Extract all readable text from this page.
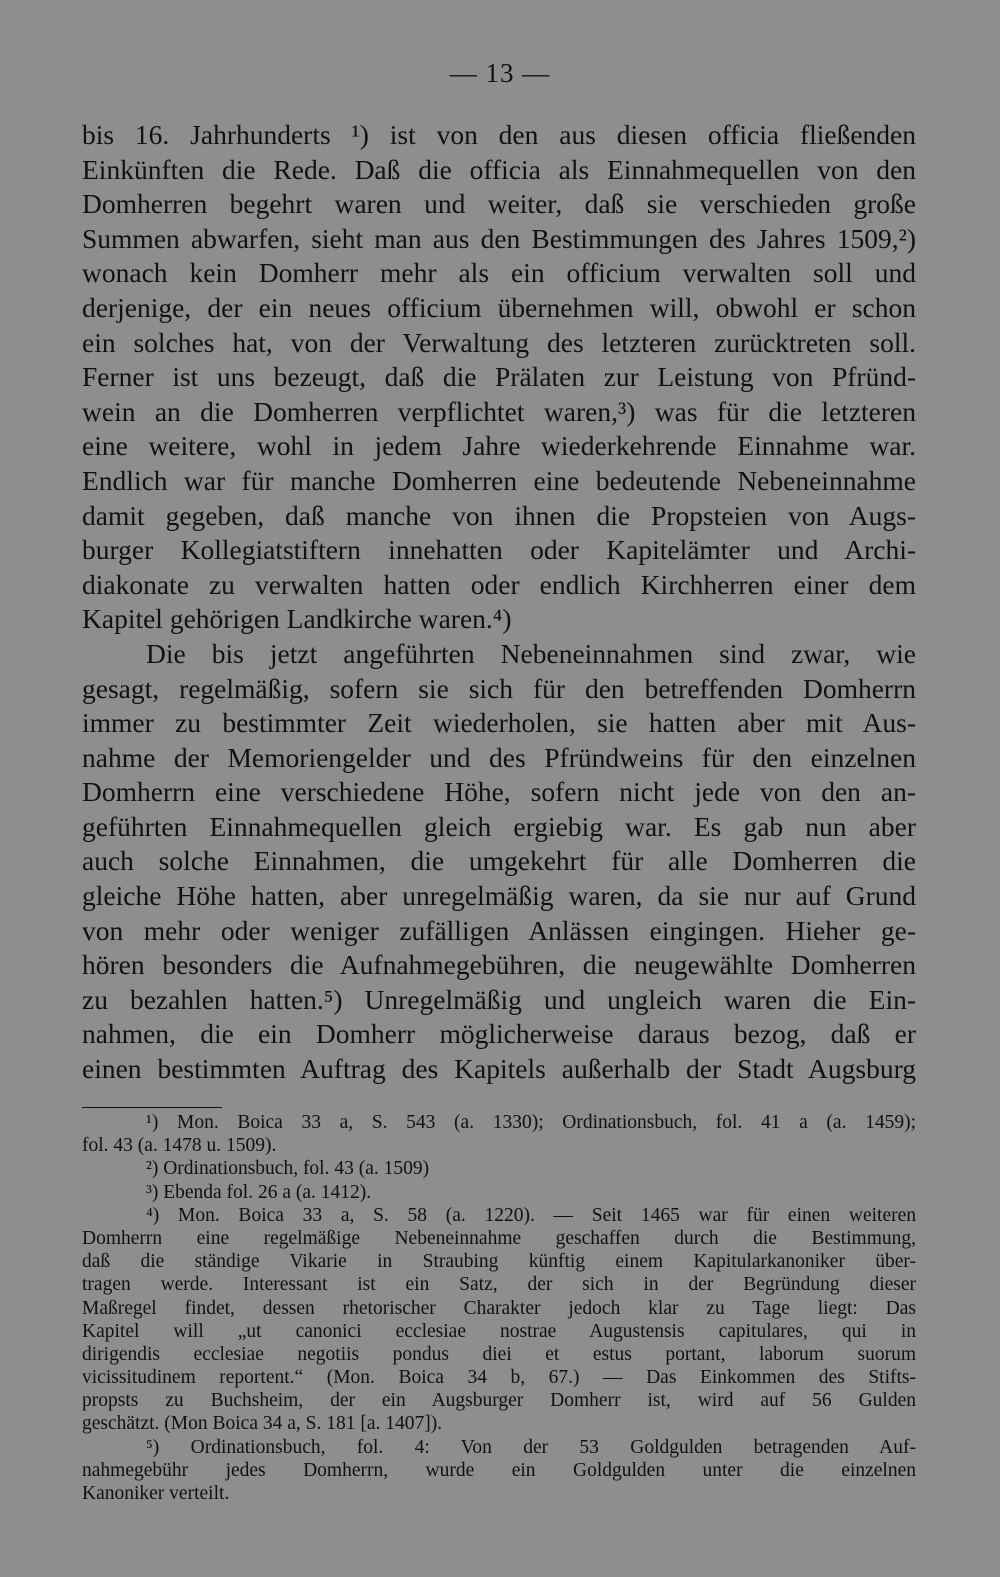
— 13 —
bis 16. Jahrhunderts ¹) ist von den aus diesen officia fließenden
Einkünften die Rede. Daß die officia als Einnahmequellen von den
Domherren begehrt waren und weiter, daß sie verschieden große
Summen abwarfen, sieht man aus den Bestimmungen des Jahres 1509,²)
wonach kein Domherr mehr als ein officium verwalten soll und
derjenige, der ein neues officium übernehmen will, obwohl er schon
ein solches hat, von der Verwaltung des letzteren zurücktreten soll.
Ferner ist uns bezeugt, daß die Prälaten zur Leistung von Pfründ-
wein an die Domherren verpflichtet waren,³) was für die letzteren
eine weitere, wohl in jedem Jahre wiederkehrende Einnahme war.
Endlich war für manche Domherren eine bedeutende Nebeneinnahme
damit gegeben, daß manche von ihnen die Propsteien von Augs-
burger Kollegiatstiftern innehatten oder Kapitelämter und Archi-
diakonate zu verwalten hatten oder endlich Kirchherren einer dem
Kapitel gehörigen Landkirche waren.⁴)
Die bis jetzt angeführten Nebeneinnahmen sind zwar, wie
gesagt, regelmäßig, sofern sie sich für den betreffenden Domherrn
immer zu bestimmter Zeit wiederholen, sie hatten aber mit Aus-
nahme der Memoriengelder und des Pfründweins für den einzelnen
Domherrn eine verschiedene Höhe, sofern nicht jede von den an-
geführten Einnahmequellen gleich ergiebig war. Es gab nun aber
auch solche Einnahmen, die umgekehrt für alle Domherren die
gleiche Höhe hatten, aber unregelmäßig waren, da sie nur auf Grund
von mehr oder weniger zufälligen Anlässen eingingen. Hieher ge-
hören besonders die Aufnahmegebühren, die neugewählte Domherren
zu bezahlen hatten.⁵) Unregelmäßig und ungleich waren die Ein-
nahmen, die ein Domherr möglicherweise daraus bezog, daß er
einen bestimmten Auftrag des Kapitels außerhalb der Stadt Augsburg
¹) Mon. Boica 33 a, S. 543 (a. 1330); Ordinationsbuch, fol. 41 a (a. 1459);
fol. 43 (a. 1478 u. 1509).
²) Ordinationsbuch, fol. 43 (a. 1509)
³) Ebenda fol. 26 a (a. 1412).
⁴) Mon. Boica 33 a, S. 58 (a. 1220). — Seit 1465 war für einen weiteren
Domherrn eine regelmäßige Nebeneinnahme geschaffen durch die Bestimmung,
daß die ständige Vikarie in Straubing künftig einem Kapitularkanoniker über-
tragen werde. Interessant ist ein Satz, der sich in der Begründung dieser
Maßregel findet, dessen rhetorischer Charakter jedoch klar zu Tage liegt: Das
Kapitel will „ut canonici ecclesiae nostrae Augustensis capitulares, qui in
dirigendis ecclesiae negotiis pondus diei et estus portant, laborum suorum
vicissitudinem reportent.“ (Mon. Boica 34 b, 67.) — Das Einkommen des Stifts-
propsts zu Buchsheim, der ein Augsburger Domherr ist, wird auf 56 Gulden
geschätzt. (Mon Boica 34 a, S. 181 [a. 1407]).
⁵) Ordinationsbuch, fol. 4: Von der 53 Goldgulden betragenden Auf-
nahmegebühr jedes Domherrn, wurde ein Goldgulden unter die einzelnen
Kanoniker verteilt.
